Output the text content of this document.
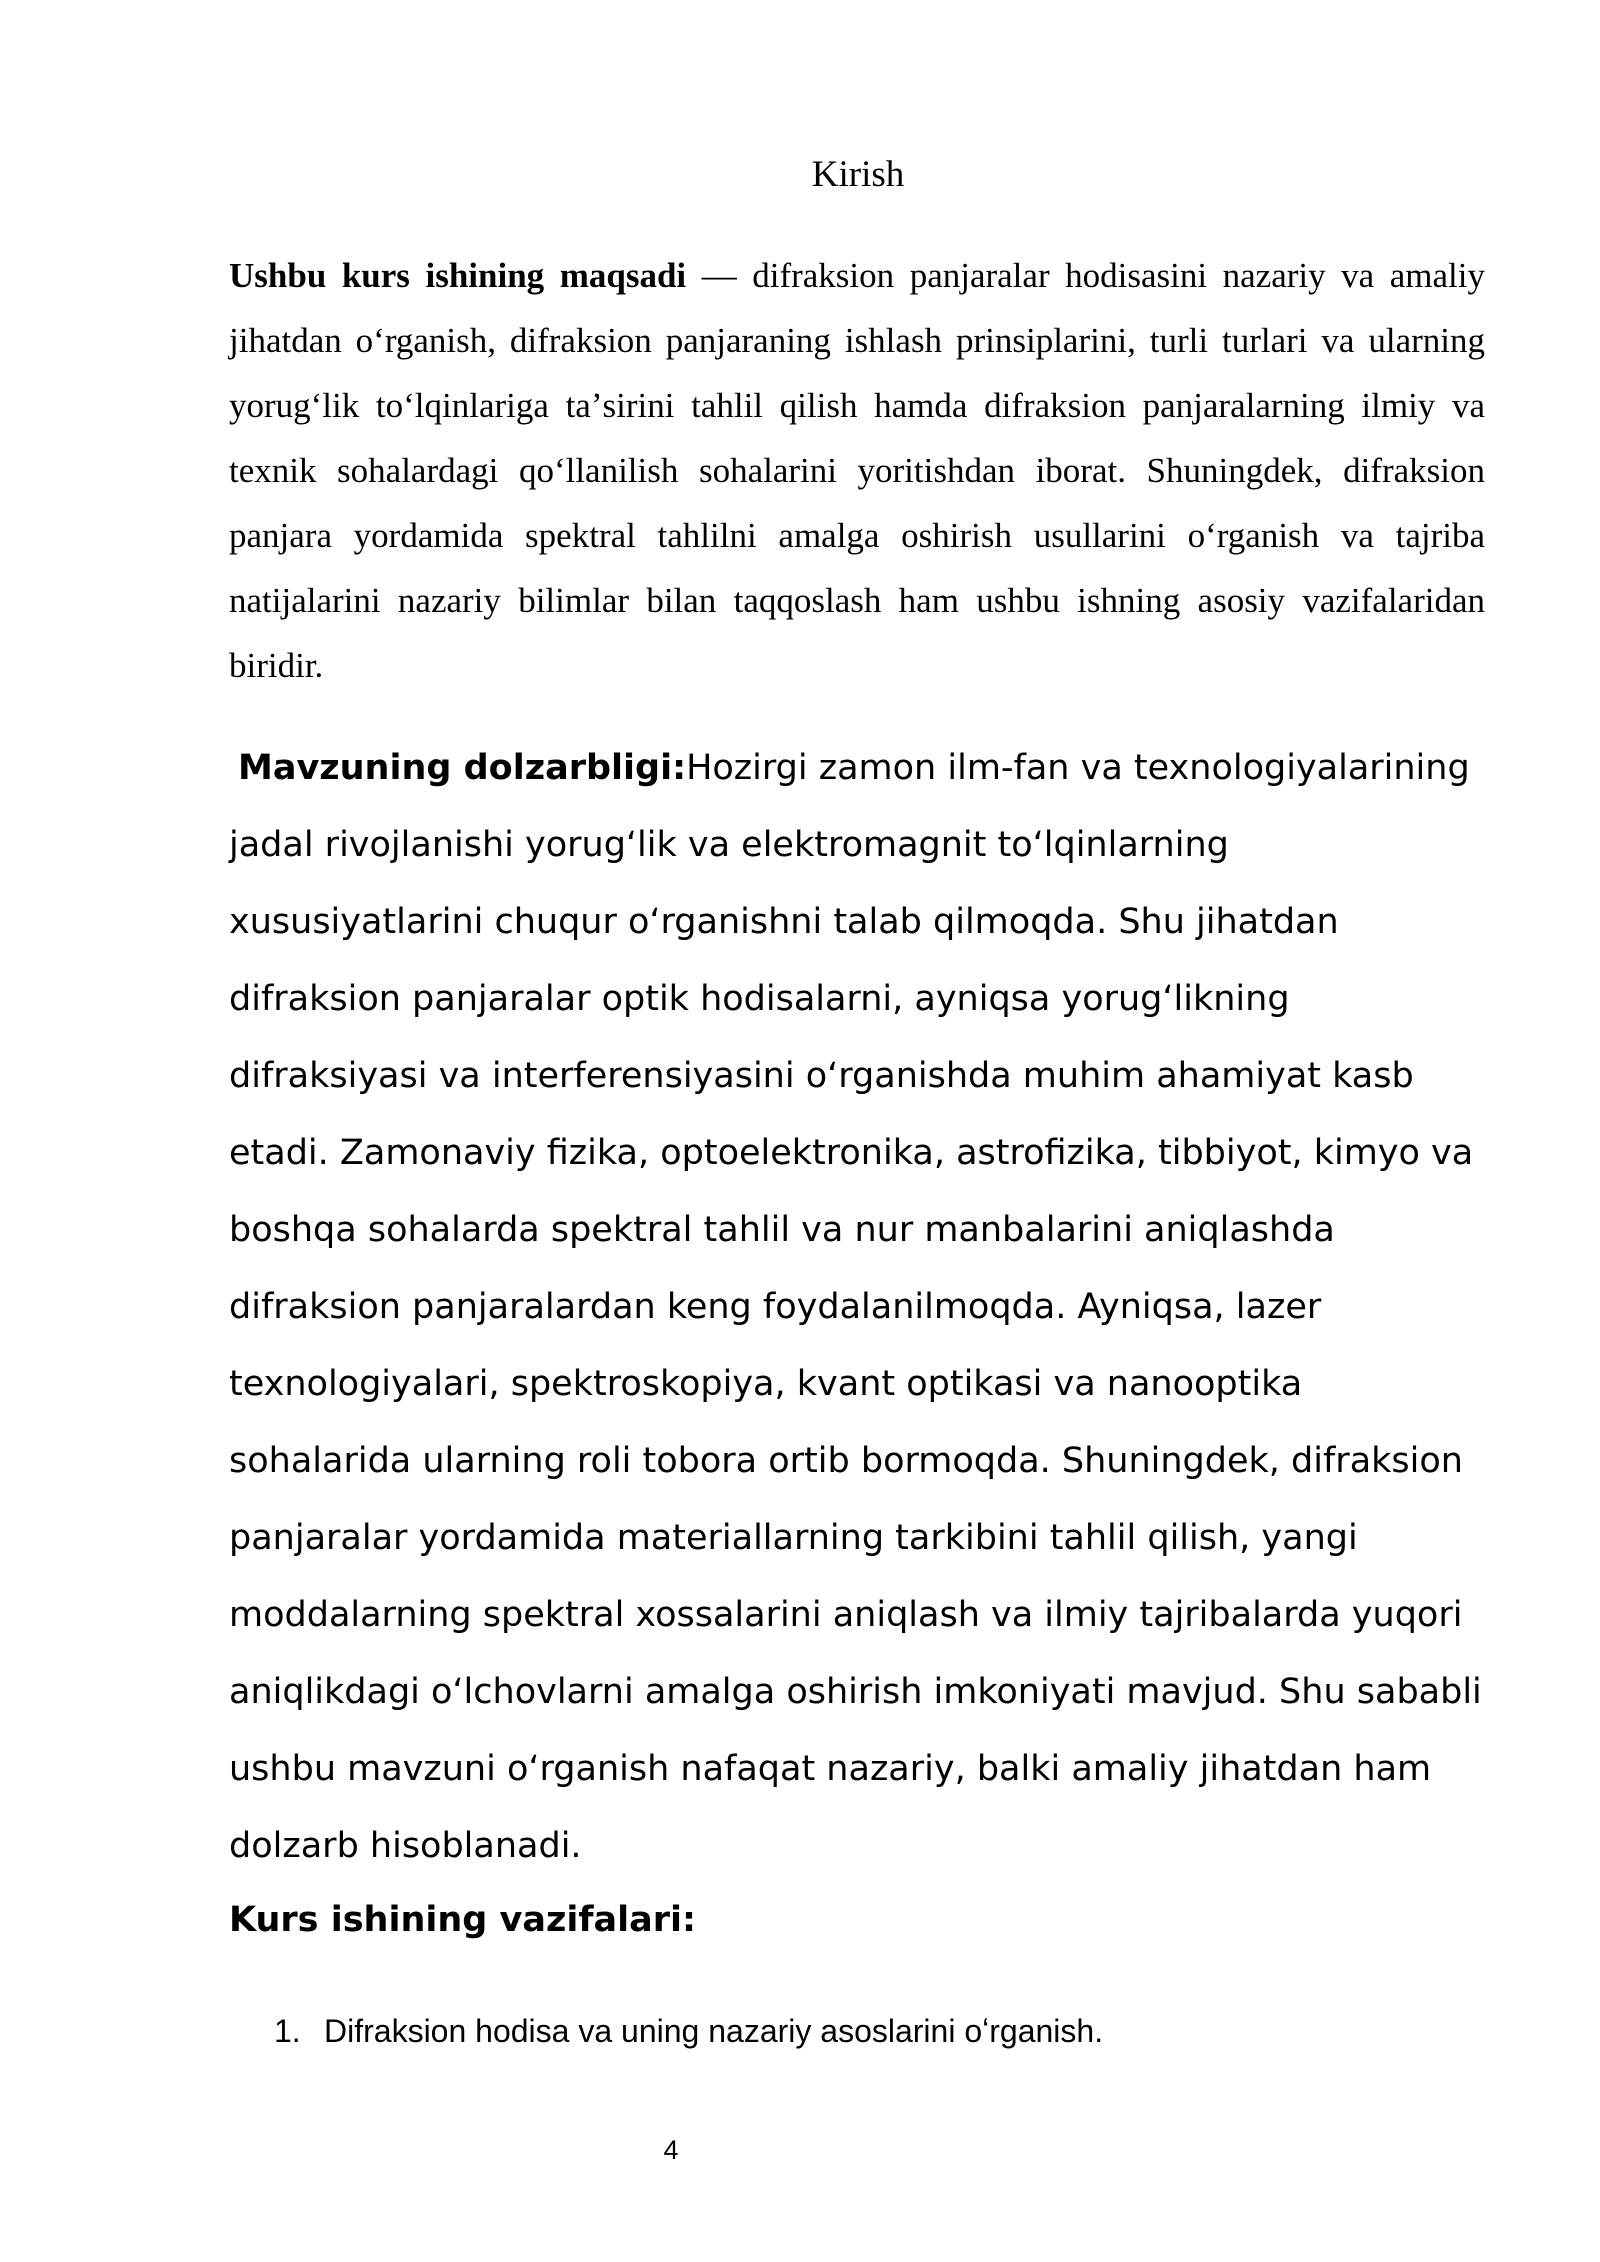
Kirish

Ushbu kurs ishining maqsadi — difraksion panjaralar hodisasini nazariy va amaliy jihatdan oʻrganish, difraksion panjaraning ishlash prinsiplarini, turli turlari va ularning yorugʻlik toʻlqinlariga taʼsirini tahlil qilish hamda difraksion panjaralarning ilmiy va texnik sohalardagi qoʻllanilish sohalarini yoritishdan iborat. Shuningdek, difraksion panjara yordamida spektral tahlilni amalga oshirish usullarini oʻrganish va tajriba natijalarini nazariy bilimlar bilan taqqoslash ham ushbu ishning asosiy vazifalaridan biridir.

Mavzuning dolzarbligi:Hozirgi zamon ilm-fan va texnologiyalarining jadal rivojlanishi yorugʻlik va elektromagnit toʻlqinlarning xususiyatlarini chuqur oʻrganishni talab qilmoqda. Shu jihatdan difraksion panjaralar optik hodisalarni, ayniqsa yorugʻlikning difraksiyasi va interferensiyasini oʻrganishda muhim ahamiyat kasb etadi. Zamonaviy fizika, optoelektronika, astrofizika, tibbiyot, kimyo va boshqa sohalarda spektral tahlil va nur manbalarini aniqlashda difraksion panjaralardan keng foydalanilmoqda. Ayniqsa, lazer texnologiyalari, spektroskopiya, kvant optikasi va nanooptika sohalarida ularning roli tobora ortib bormoqda. Shuningdek, difraksion panjaralar yordamida materiallarning tarkibini tahlil qilish, yangi moddalarning spektral xossalarini aniqlash va ilmiy tajribalarda yuqori aniqlikdagi oʻlchovlarni amalga oshirish imkoniyati mavjud. Shu sababli ushbu mavzuni oʻrganish nafaqat nazariy, balki amaliy jihatdan ham dolzarb hisoblanadi.

Kurs ishining vazifalari:

1. Difraksion hodisa va uning nazariy asoslarini oʻrganish.
4
